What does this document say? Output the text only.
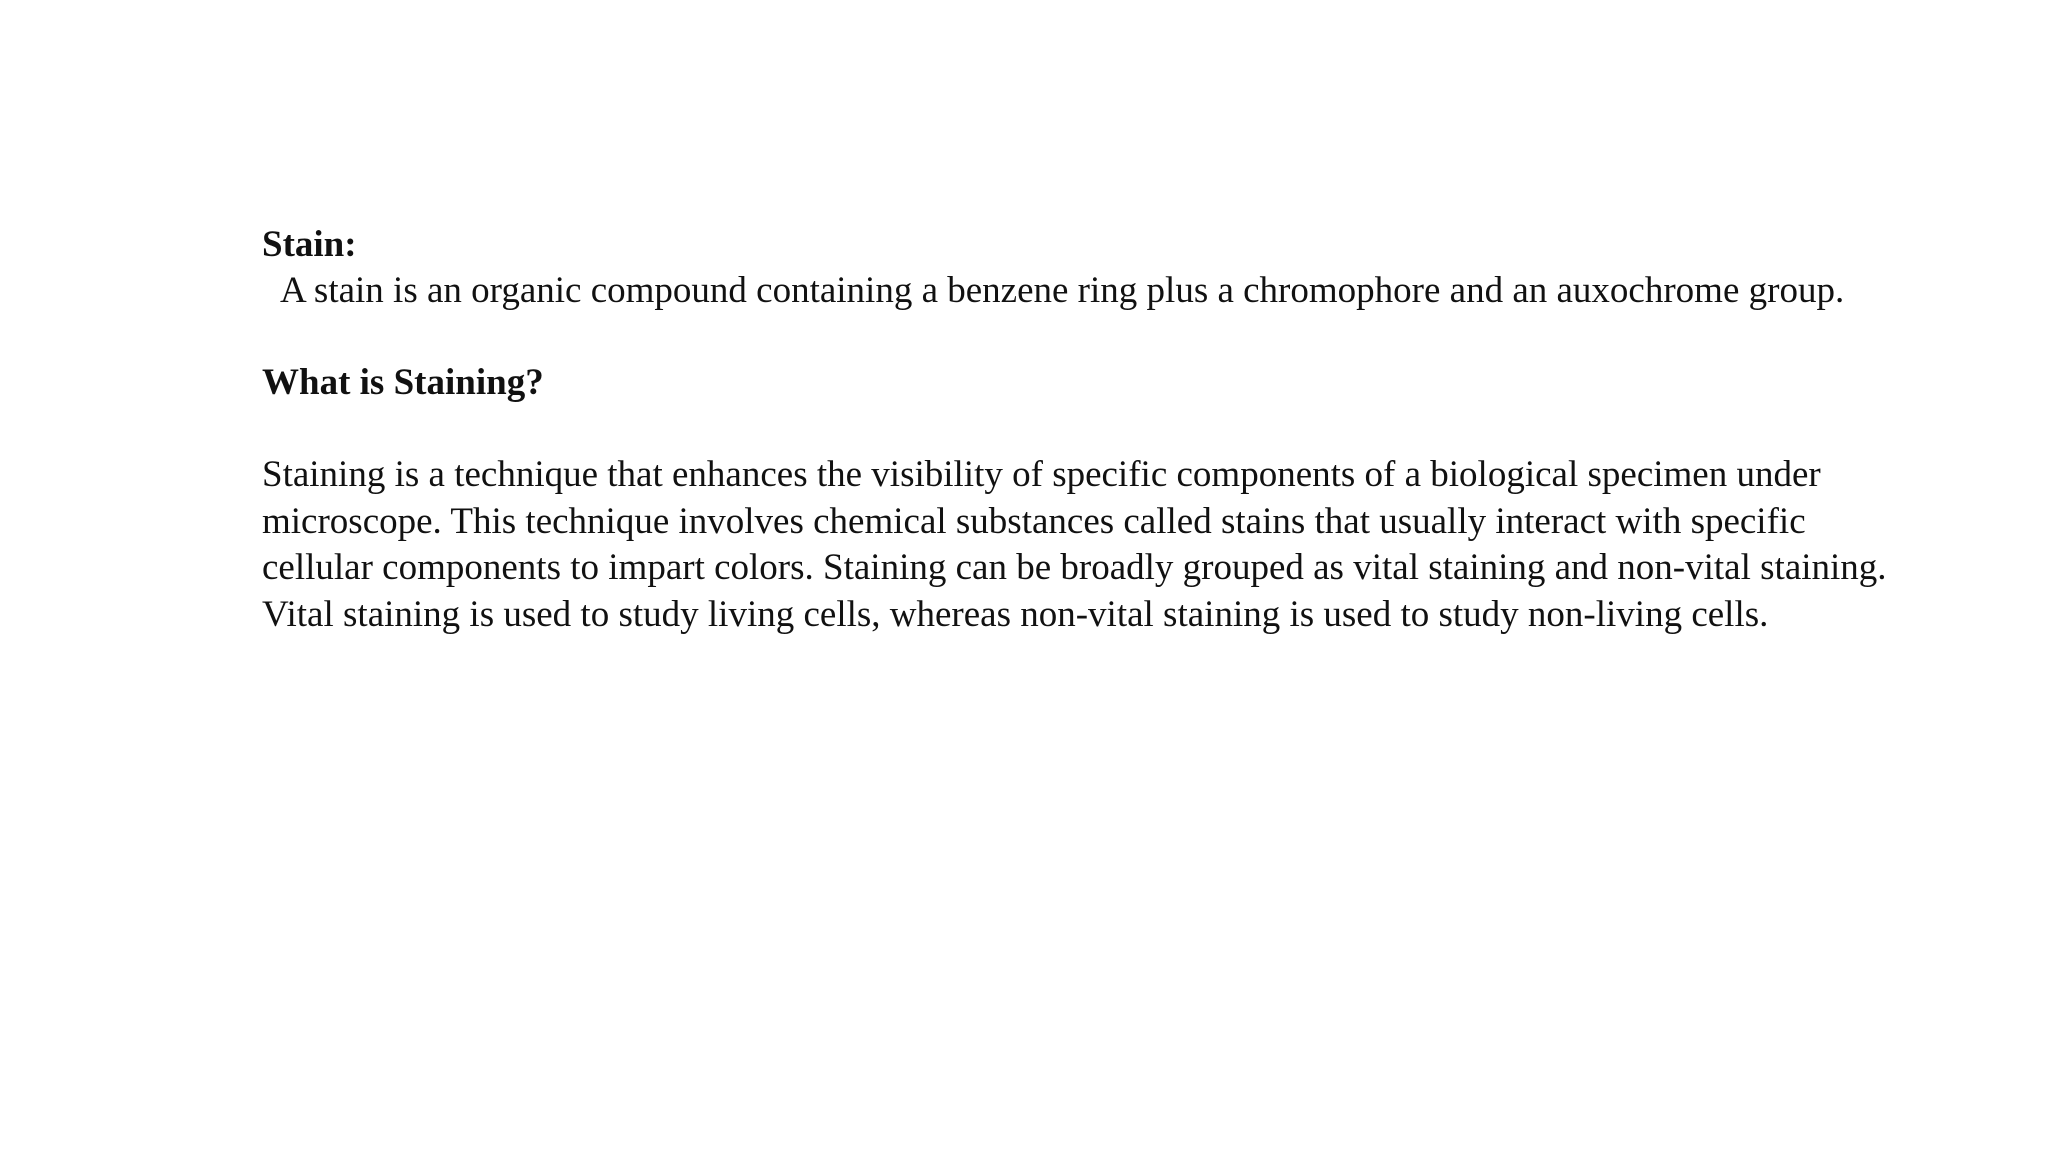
Stain:

A stain is an organic compound containing a benzene ring plus a chromophore and an auxochrome group.

What is Staining?

Staining is a technique that enhances the visibility of specific components of a biological specimen under microscope. This technique involves chemical substances called stains that usually interact with specific cellular components to impart colors. Staining can be broadly grouped as vital staining and non-vital staining. Vital staining is used to study living cells, whereas non-vital staining is used to study non-living cells.
